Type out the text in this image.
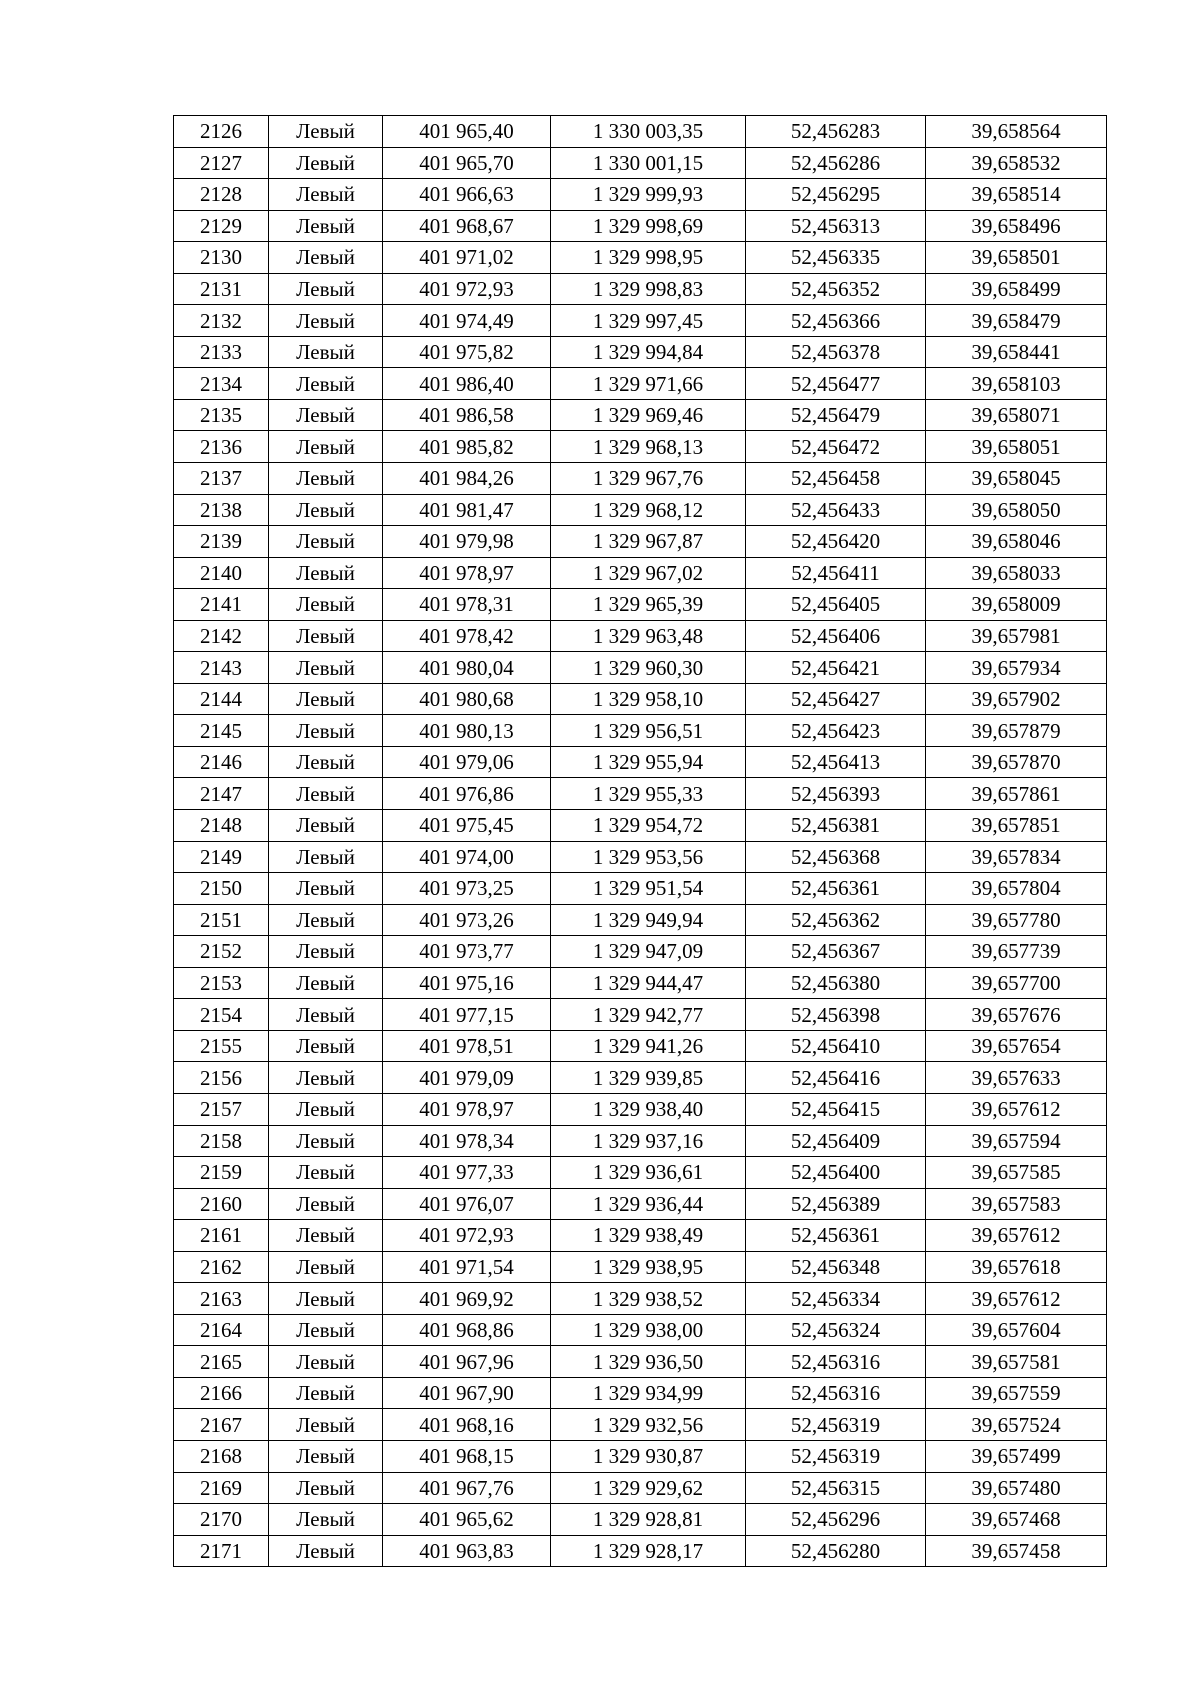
2126	Левый	401 965,40	1 330 003,35	52,456283	39,658564
2127	Левый	401 965,70	1 330 001,15	52,456286	39,658532
2128	Левый	401 966,63	1 329 999,93	52,456295	39,658514
2129	Левый	401 968,67	1 329 998,69	52,456313	39,658496
2130	Левый	401 971,02	1 329 998,95	52,456335	39,658501
2131	Левый	401 972,93	1 329 998,83	52,456352	39,658499
2132	Левый	401 974,49	1 329 997,45	52,456366	39,658479
2133	Левый	401 975,82	1 329 994,84	52,456378	39,658441
2134	Левый	401 986,40	1 329 971,66	52,456477	39,658103
2135	Левый	401 986,58	1 329 969,46	52,456479	39,658071
2136	Левый	401 985,82	1 329 968,13	52,456472	39,658051
2137	Левый	401 984,26	1 329 967,76	52,456458	39,658045
2138	Левый	401 981,47	1 329 968,12	52,456433	39,658050
2139	Левый	401 979,98	1 329 967,87	52,456420	39,658046
2140	Левый	401 978,97	1 329 967,02	52,456411	39,658033
2141	Левый	401 978,31	1 329 965,39	52,456405	39,658009
2142	Левый	401 978,42	1 329 963,48	52,456406	39,657981
2143	Левый	401 980,04	1 329 960,30	52,456421	39,657934
2144	Левый	401 980,68	1 329 958,10	52,456427	39,657902
2145	Левый	401 980,13	1 329 956,51	52,456423	39,657879
2146	Левый	401 979,06	1 329 955,94	52,456413	39,657870
2147	Левый	401 976,86	1 329 955,33	52,456393	39,657861
2148	Левый	401 975,45	1 329 954,72	52,456381	39,657851
2149	Левый	401 974,00	1 329 953,56	52,456368	39,657834
2150	Левый	401 973,25	1 329 951,54	52,456361	39,657804
2151	Левый	401 973,26	1 329 949,94	52,456362	39,657780
2152	Левый	401 973,77	1 329 947,09	52,456367	39,657739
2153	Левый	401 975,16	1 329 944,47	52,456380	39,657700
2154	Левый	401 977,15	1 329 942,77	52,456398	39,657676
2155	Левый	401 978,51	1 329 941,26	52,456410	39,657654
2156	Левый	401 979,09	1 329 939,85	52,456416	39,657633
2157	Левый	401 978,97	1 329 938,40	52,456415	39,657612
2158	Левый	401 978,34	1 329 937,16	52,456409	39,657594
2159	Левый	401 977,33	1 329 936,61	52,456400	39,657585
2160	Левый	401 976,07	1 329 936,44	52,456389	39,657583
2161	Левый	401 972,93	1 329 938,49	52,456361	39,657612
2162	Левый	401 971,54	1 329 938,95	52,456348	39,657618
2163	Левый	401 969,92	1 329 938,52	52,456334	39,657612
2164	Левый	401 968,86	1 329 938,00	52,456324	39,657604
2165	Левый	401 967,96	1 329 936,50	52,456316	39,657581
2166	Левый	401 967,90	1 329 934,99	52,456316	39,657559
2167	Левый	401 968,16	1 329 932,56	52,456319	39,657524
2168	Левый	401 968,15	1 329 930,87	52,456319	39,657499
2169	Левый	401 967,76	1 329 929,62	52,456315	39,657480
2170	Левый	401 965,62	1 329 928,81	52,456296	39,657468
2171	Левый	401 963,83	1 329 928,17	52,456280	39,657458
